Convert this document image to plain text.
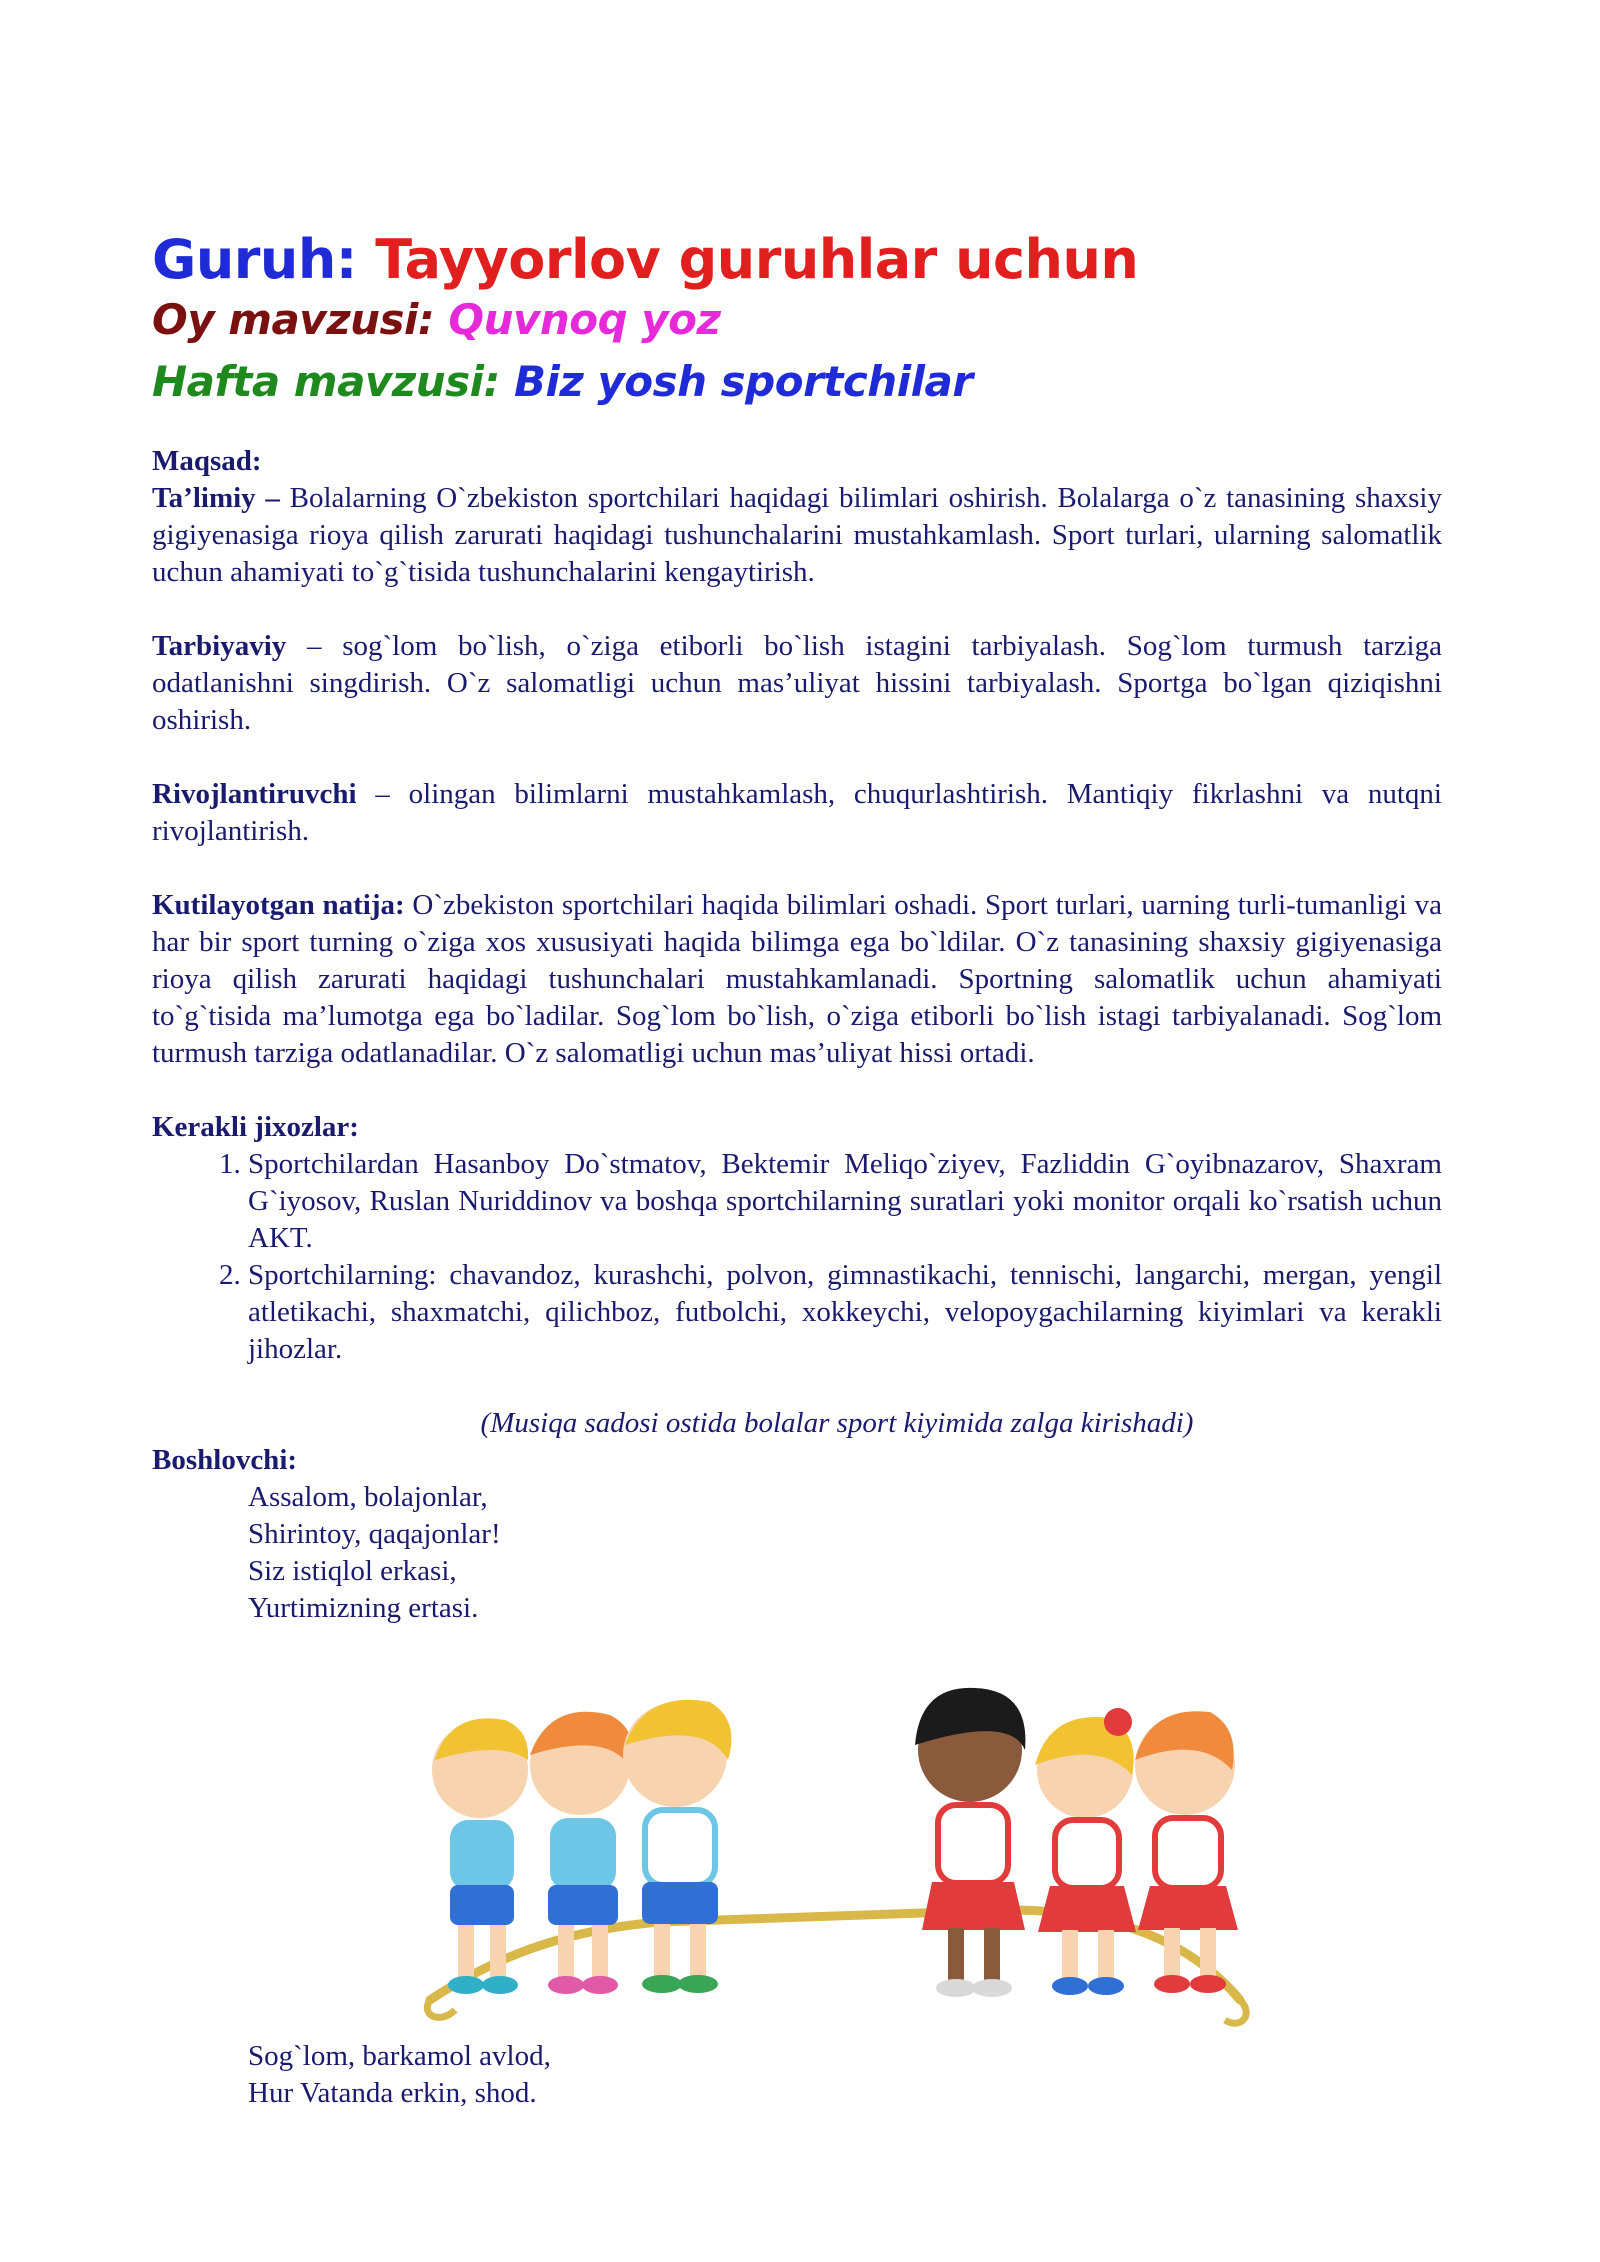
Guruh: Tayyorlov guruhlar uchun
Oy mavzusi: Quvnoq yoz
Hafta mavzusi: Biz yosh sportchilar

Maqsad:

Ta’limiy – Bolalarning O`zbekiston sportchilari haqidagi bilimlari oshirish. Bolalarga o`z tanasining shaxsiy gigiyenasiga rioya qilish zarurati haqidagi tushunchalarini mustahkamlash. Sport turlari, ularning salomatlik uchun ahamiyati to`g`tisida tushunchalarini kengaytirish.

Tarbiyaviy – sog`lom bo`lish, o`ziga etiborli bo`lish istagini tarbiyalash. Sog`lom turmush tarziga odatlanishni singdirish. O`z salomatligi uchun mas’uliyat hissini tarbiyalash. Sportga bo`lgan qiziqishni oshirish.

Rivojlantiruvchi – olingan bilimlarni mustahkamlash, chuqurlashtirish. Mantiqiy fikrlashni va nutqni rivojlantirish.

Kutilayotgan natija: O`zbekiston sportchilari haqida bilimlari oshadi. Sport turlari, uarning turli-tumanligi va har bir sport turning o`ziga xos xususiyati haqida bilimga ega bo`ldilar. O`z tanasining shaxsiy gigiyenasiga rioya qilish zarurati haqidagi tushunchalari mustahkamlanadi. Sportning salomatlik uchun ahamiyati to`g`tisida ma’lumotga ega bo`ladilar. Sog`lom bo`lish, o`ziga etiborli bo`lish istagi tarbiyalanadi. Sog`lom turmush tarziga odatlanadilar. O`z salomatligi uchun mas’uliyat hissi ortadi.

Kerakli jixozlar:

1. Sportchilardan Hasanboy Do`stmatov, Bektemir Meliqo`ziyev, Fazliddin G`oyibnazarov, Shaxram G`iyosov, Ruslan Nuriddinov va boshqa sportchilarning suratlari yoki monitor orqali ko`rsatish uchun AKT.
2. Sportchilarning: chavandoz, kurashchi, polvon, gimnastikachi, tennischi, langarchi, mergan, yengil atletikachi, shaxmatchi, qilichboz, futbolchi, xokkeychi, velopoygachilarning kiyimlari va kerakli jihozlar.

(Musiqa sadosi ostida bolalar sport kiyimida zalga kirishadi)

Boshlovchi:

Assalom, bolajonlar,
Shirintoy, qaqajonlar!
Siz istiqlol erkasi,
Yurtimizning ertasi.
Sog`lom, barkamol avlod,
Hur Vatanda erkin, shod.
